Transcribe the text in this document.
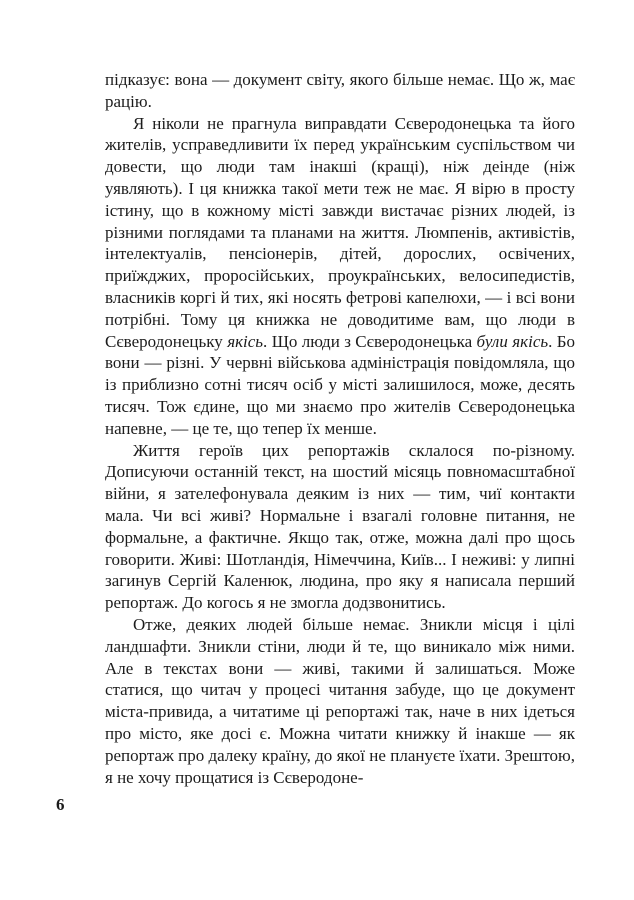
підказує: вона — документ світу, якого більше немає. Що ж, має рацію.

Я ніколи не прагнула виправдати Сєверодонецька та його жителів, усправедливити їх перед українським суспільством чи довести, що люди там інакші (кращі), ніж деінде (ніж уявляють). І ця книжка такої мети теж не має. Я вірю в просту істину, що в кожному місті завжди вистачає різних людей, із різними поглядами та планами на життя. Люмпенів, активістів, інтелектуалів, пенсіонерів, дітей, дорослих, освічених, приїжджих, проросійських, проукраїнських, велосипедистів, власників коргі й тих, які носять фетрові капелюхи, — і всі вони потрібні. Тому ця книжка не доводитиме вам, що люди в Сєверодонецьку якісь. Що люди з Сєверодонецька були якісь. Бо вони — різні. У червні військова адміністрація повідомляла, що із приблизно сотні тисяч осіб у місті залишилося, може, десять тисяч. Тож єдине, що ми знаємо про жителів Сєверодонецька напевне, — це те, що тепер їх менше.

Життя героїв цих репортажів склалося по-різному. Дописуючи останній текст, на шостий місяць повномасштабної війни, я зателефонувала деяким із них — тим, чиї контакти мала. Чи всі живі? Нормальне і взагалі головне питання, не формальне, а фактичне. Якщо так, отже, можна далі про щось говорити. Живі: Шотландія, Німеччина, Київ... І неживі: у липні загинув Сергій Каленюк, людина, про яку я написала перший репортаж. До когось я не змогла додзвонитись.

Отже, деяких людей більше немає. Зникли місця і цілі ландшафти. Зникли стіни, люди й те, що виникало між ними. Але в текстах вони — живі, такими й залишаться. Може статися, що читач у процесі читання забуде, що це документ міста-привида, а читатиме ці репортажі так, наче в них ідеться про місто, яке досі є. Можна читати книжку й інакше — як репортаж про далеку країну, до якої не плануєте їхати. Зрештою, я не хочу прощатися із Сєверодоне-

6
